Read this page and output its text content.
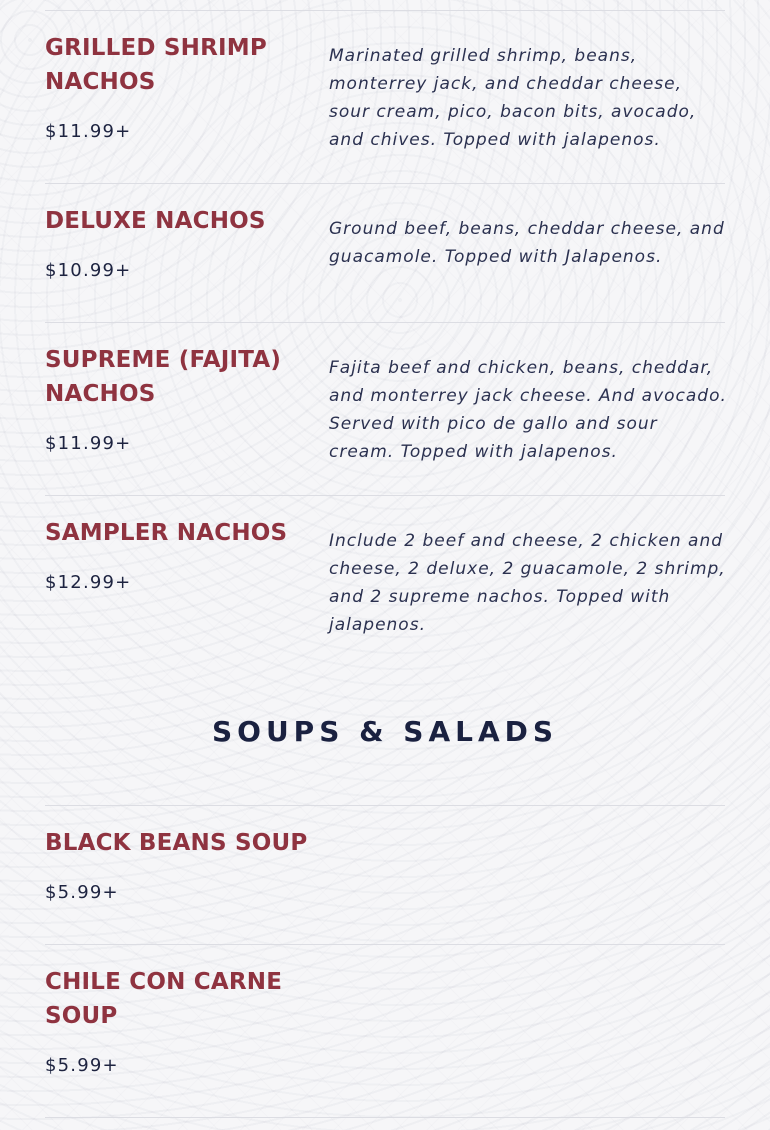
GRILLED SHRIMP NACHOS

$11.99+

Marinated grilled shrimp, beans, monterrey jack, and cheddar cheese, sour cream, pico, bacon bits, avocado, and chives. Topped with jalapenos.

DELUXE NACHOS

$10.99+

Ground beef, beans, cheddar cheese, and guacamole. Topped with Jalapenos.

SUPREME (FAJITA) NACHOS

$11.99+

Fajita beef and chicken, beans, cheddar, and monterrey jack cheese. And avocado. Served with pico de gallo and sour cream. Topped with jalapenos.

SAMPLER NACHOS

$12.99+

Include 2 beef and cheese, 2 chicken and cheese, 2 deluxe, 2 guacamole, 2 shrimp, and 2 supreme nachos. Topped with jalapenos.

BLACK BEANS SOUP

$5.99+

CHILE CON CARNE SOUP

$5.99+

SOUPS & SALADS
